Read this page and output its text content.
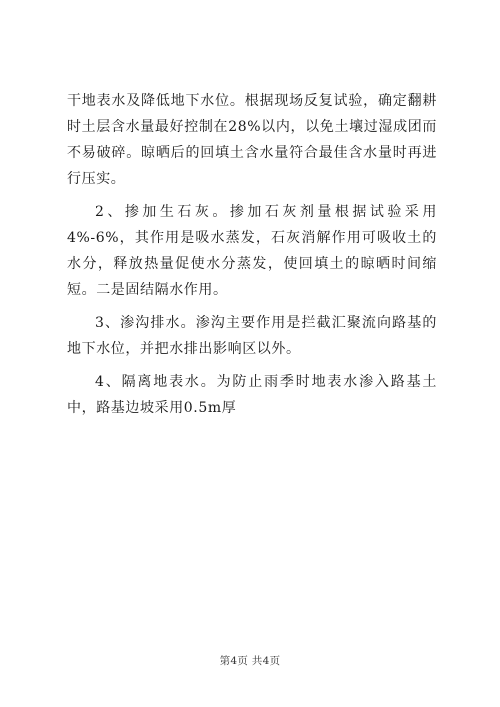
干地表水及降低地下水位。根据现场反复试验，确定翻耕时土层含水量最好控制在28%以内，以免土壤过湿成团而不易破碎。晾晒后的回填土含水量符合最佳含水量时再进行压实。

2、掺加生石灰。掺加石灰剂量根据试验采用4%-6%，其作用是吸水蒸发，石灰消解作用可吸收土的水分，释放热量促使水分蒸发，使回填土的晾晒时间缩短。二是固结隔水作用。

3、渗沟排水。渗沟主要作用是拦截汇聚流向路基的地下水位，并把水排出影响区以外。

4、隔离地表水。为防止雨季时地表水渗入路基土中，路基边坡采用0.5m厚

第4页 共4页
